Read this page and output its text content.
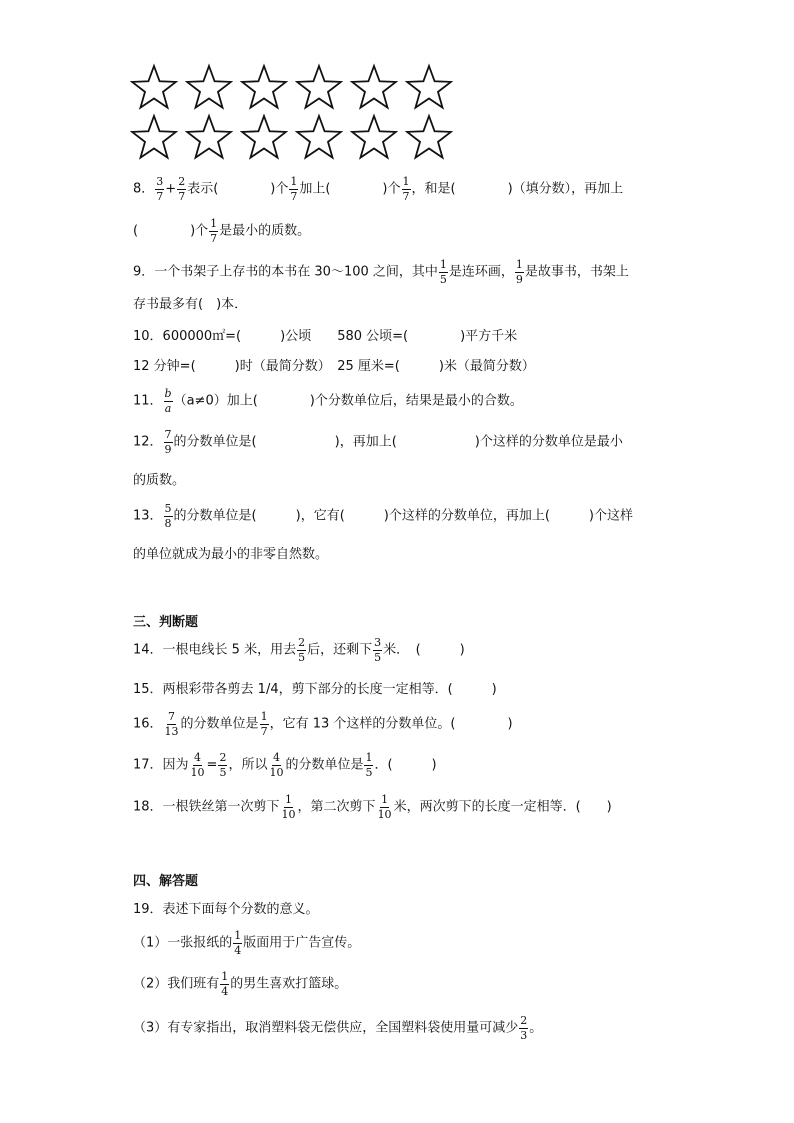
8． $\frac{3}{7} + \frac{2}{7}$ 表示(　　　　)个 $\frac{1}{7}$ 加上(　　　　)个 $\frac{1}{7}$ ，和是(　　　　)（填分数），再加上
(　　　　)个 $\frac{1}{7}$ 是最小的质数。
9．一个书架子上存书的本书在 30～100 之间，其中 $\frac{1}{5}$ 是连环画， $\frac{1}{9}$ 是故事书，书架上
存书最多有(　)本．
10．600000㎡=(　　　)公顷　　580 公顷=(　　　　)平方千米
12 分钟=(　　　)时（最简分数）　25 厘米=(　　　)米（最简分数）
11． $\frac{b}{a} (a\ne 0)$加上(　　　　)个分数单位后，结果是最小的合数。
12． $\frac{7}{9}$ 的分数单位是(　　　　　　)，再加上(　　　　　　)个这样的分数单位是最小
的质数。
13． $\frac{5}{8}$ 的分数单位是(　　　)，它有(　　　)个这样的分数单位，再加上(　　　)个这样
的单位就成为最小的非零自然数。
三、判断题
14．一根电线长 5 米，用去 $\frac{2}{5}$ 后，还剩下 $\frac{3}{5}$ 米．　(　　　)
15．两根彩带各剪去 1/4，剪下部分的长度一定相等．(　　　)
16． $\frac{7}{13}$ 的分数单位是 $\frac{1}{7}$ ，它有 13 个这样的分数单位。(　　　　)
17．因为 $\frac{4}{10} = \frac{2}{5}$ ，所以 $\frac{4}{10}$ 的分数单位是 $\frac{1}{5}$ ．(　　　)
18．一根铁丝第一次剪下 $\frac{1}{10}$ ，第二次剪下 $\frac{1}{10}$ 米，两次剪下的长度一定相等．(　　)
四、解答题
19．表述下面每个分数的意义。
（1）一张报纸的 $\frac{1}{4}$ 版面用于广告宣传。
（2）我们班有 $\frac{1}{4}$ 的男生喜欢打篮球。
（3）有专家指出，取消塑料袋无偿供应，全国塑料袋使用量可减少 $\frac{2}{3}$ 。
